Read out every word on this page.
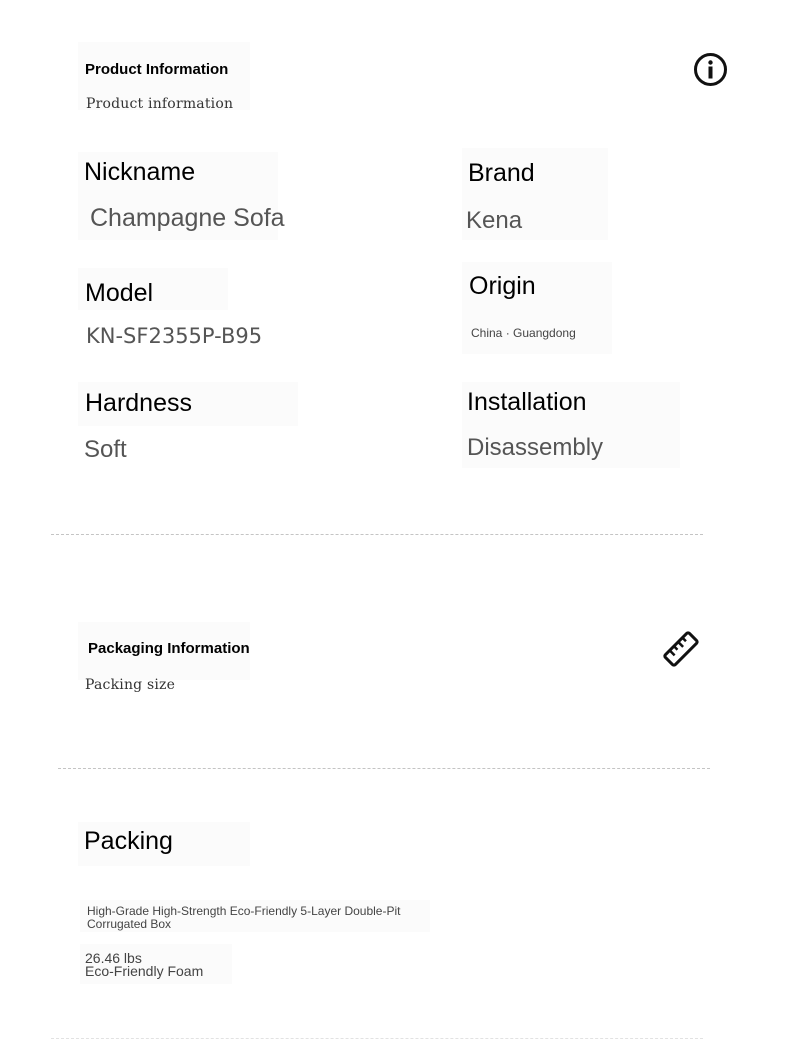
Product Information
Product information
Nickname
Champagne Sofa
Brand
Kena
Model
KN-SF2355P-B95
Origin
China · Guangdong
Hardness
Soft
Installation
Disassembly
Packaging Information
Packing size
Packing
High-Grade High-Strength Eco-Friendly 5-Layer Double-Pit Corrugated Box
26.46 lbs
Eco-Friendly Foam
